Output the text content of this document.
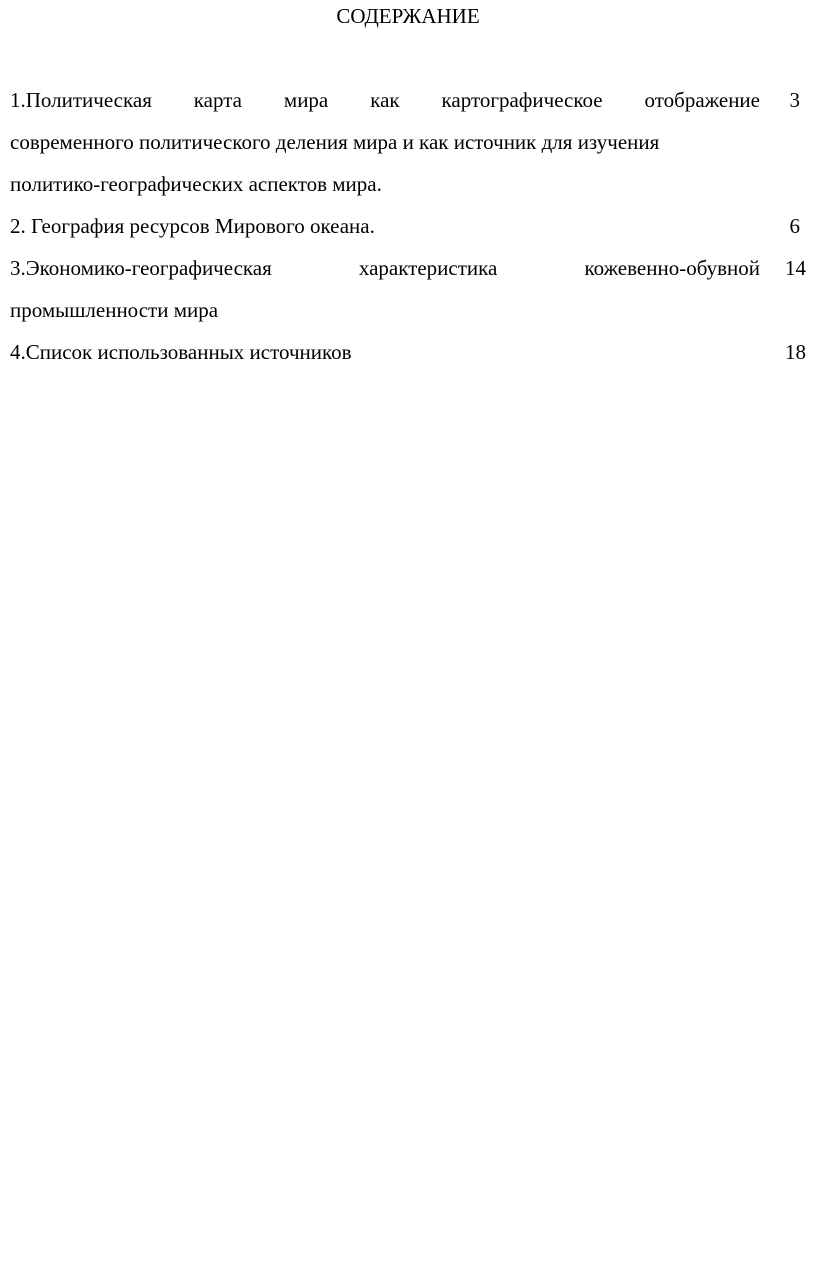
СОДЕРЖАНИЕ
1.Политическая карта мира как картографическое отображение
современного политического деления мира и как источник для изучения
политико-географических аспектов мира.
3
2. География ресурсов Мирового океана.	6
3.Экономико-географическая характеристика кожевенно-обувной
промышленности мира
14
4.Список использованных источников	18
